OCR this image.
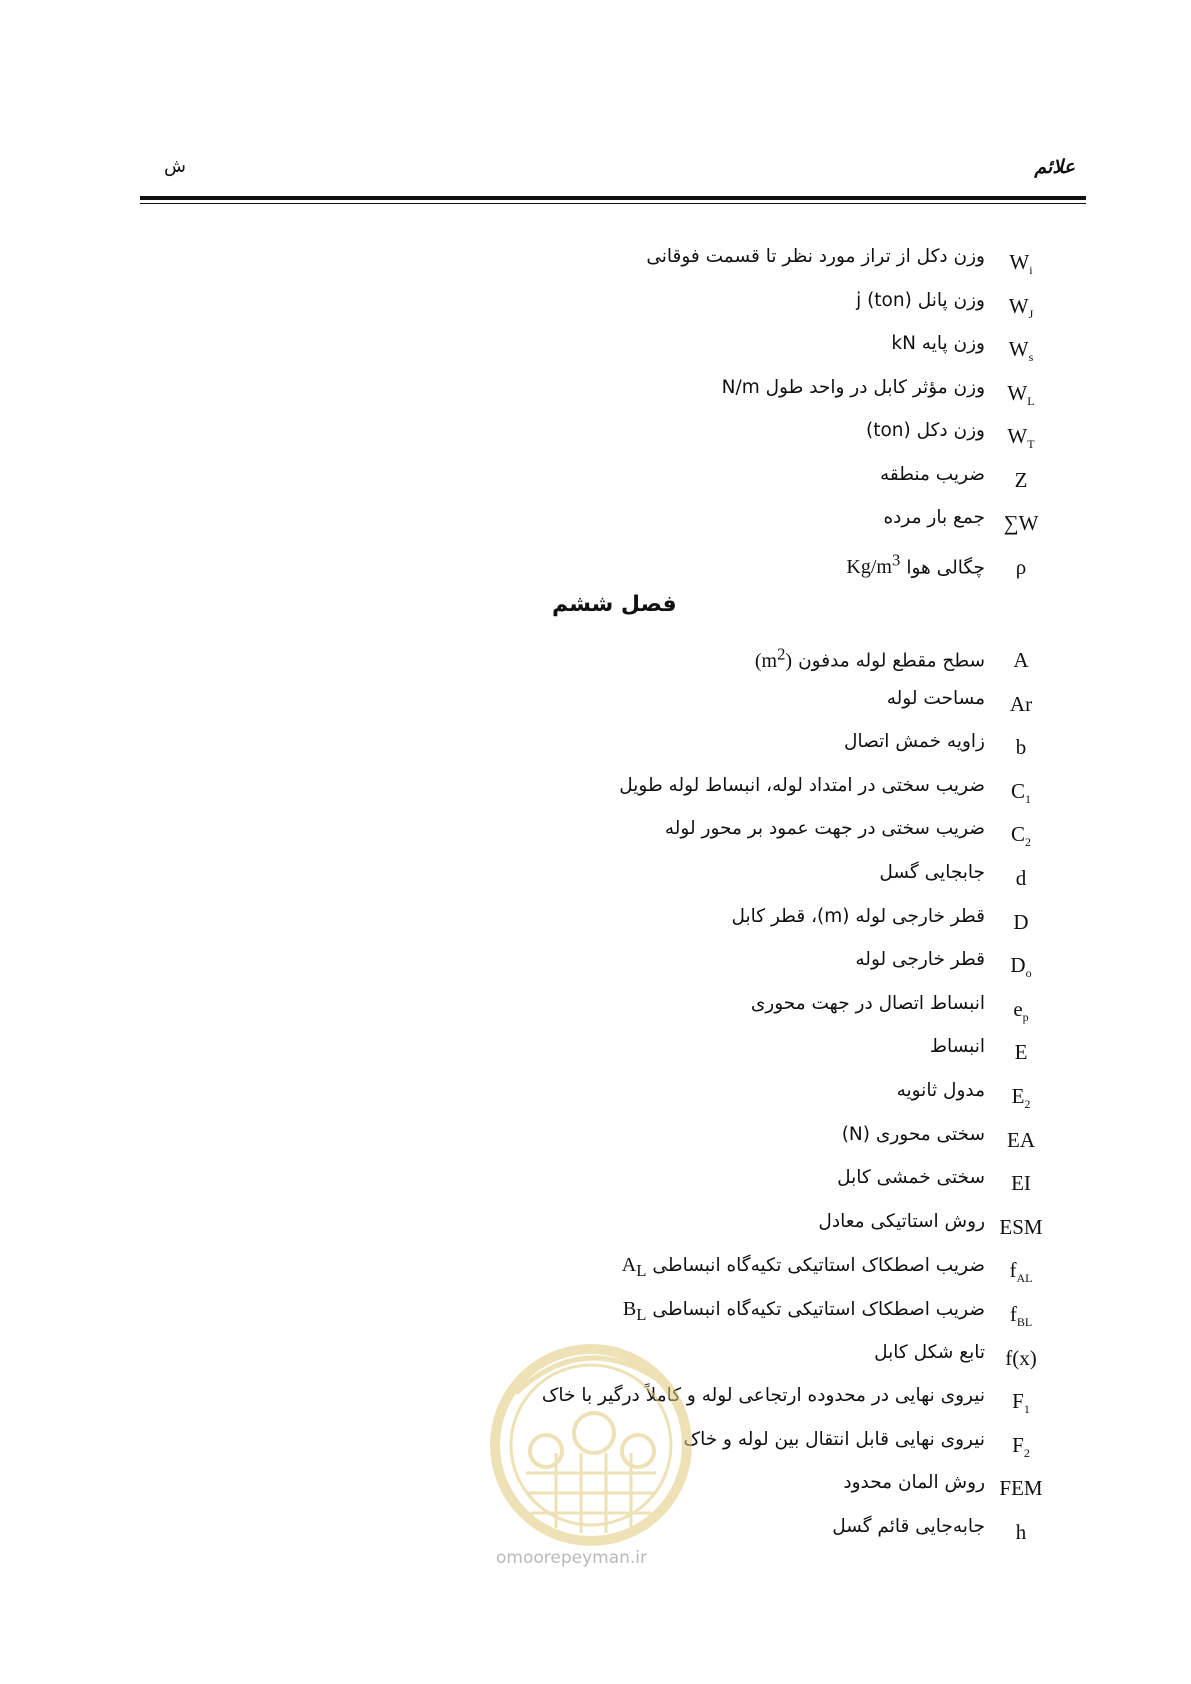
علائم
ش
$W_i$
وزن دکل از تراز مورد نظر تا قسمت فوقانی
$W_J$
وزن پانل j (ton)
$W_s$
وزن پایه kN
$W_L$
وزن مؤثر کابل در واحد طول N/m
$W_T$
وزن دکل (ton)
Z
ضریب منطقه
∑W
جمع بار مرده
ρ
چگالی هواKg/$m^3$
فصل ششم
A
سطح مقطع لوله $مدفون(m^2)$
Ar
مساحت لوله
b
زاویه خمش اتصال
$C_1$
ضریب سختی در امتداد لوله، انبساط لوله طویل
$C_2$
ضریب سختی در جهت عمود بر محور لوله
d
جابجایی گسل
D
قطر خارجی لوله (m)، قطر کابل
$D_o$
قطر خارجی لوله
$e_p$
انبساط اتصال در جهت محوری
E
انبساط
$E_2$
مدول ثانویه
EA
سختی محوری (N)
EI
سختی خمشی کابل
ESM
روش استاتیکی معادل
$f_{AL}$
ضریب اصطکاک استاتیکی تکیه‌گاه انبساطیA$_L$
$f_{BL}$
ضریب اصطکاک استاتیکی تکیه‌گاه انبساطیB$_L$
f(x)
تابع شکل کابل
$F_1$
نیروی نهایی در محدوده ارتجاعی لوله و کاملاً درگیر با خاک
$F_2$
نیروی نهایی قابل انتقال بین لوله و خاک
FEM
روش المان محدود
h
جابه‌جایی قائم گسل
omoorepeyman.ir
